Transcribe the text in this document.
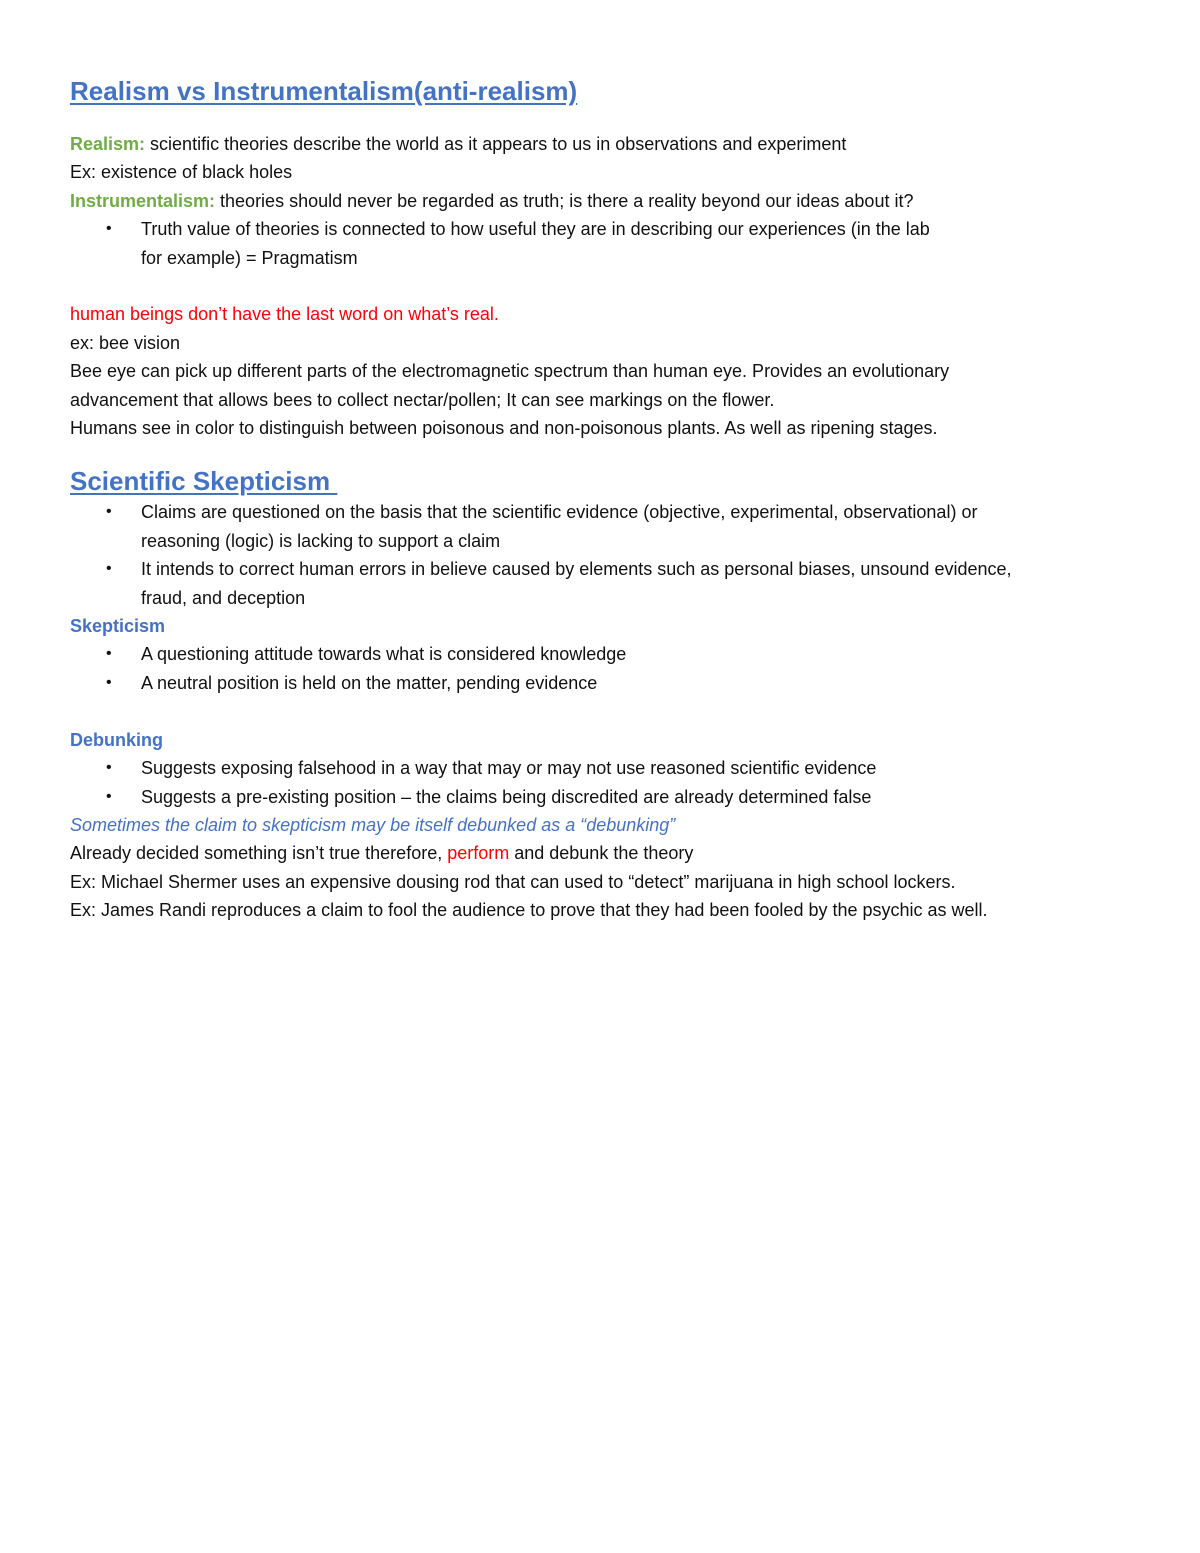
Realism vs Instrumentalism(anti-realism)
Realism: scientific theories describe the world as it appears to us in observations and experiment
Ex: existence of black holes
Instrumentalism: theories should never be regarded as truth; is there a reality beyond our ideas about it?
• Truth value of theories is connected to how useful they are in describing our experiences (in the lab
for example) = Pragmatism
human beings don’t have the last word on what’s real.
ex: bee vision
Bee eye can pick up different parts of the electromagnetic spectrum than human eye. Provides an evolutionary
advancement that allows bees to collect nectar/pollen; It can see markings on the flower.
Humans see in color to distinguish between poisonous and non-poisonous plants. As well as ripening stages.
Scientific Skepticism
• Claims are questioned on the basis that the scientific evidence (objective, experimental, observational) or
reasoning (logic) is lacking to support a claim
• It intends to correct human errors in believe caused by elements such as personal biases, unsound evidence,
fraud, and deception
Skepticism
• A questioning attitude towards what is considered knowledge
• A neutral position is held on the matter, pending evidence
Debunking
• Suggests exposing falsehood in a way that may or may not use reasoned scientific evidence
• Suggests a pre-existing position – the claims being discredited are already determined false
Sometimes the claim to skepticism may be itself debunked as a “debunking”
Already decided something isn’t true therefore, perform and debunk the theory
Ex: Michael Shermer uses an expensive dousing rod that can used to “detect” marijuana in high school lockers.
Ex: James Randi reproduces a claim to fool the audience to prove that they had been fooled by the psychic as well.
